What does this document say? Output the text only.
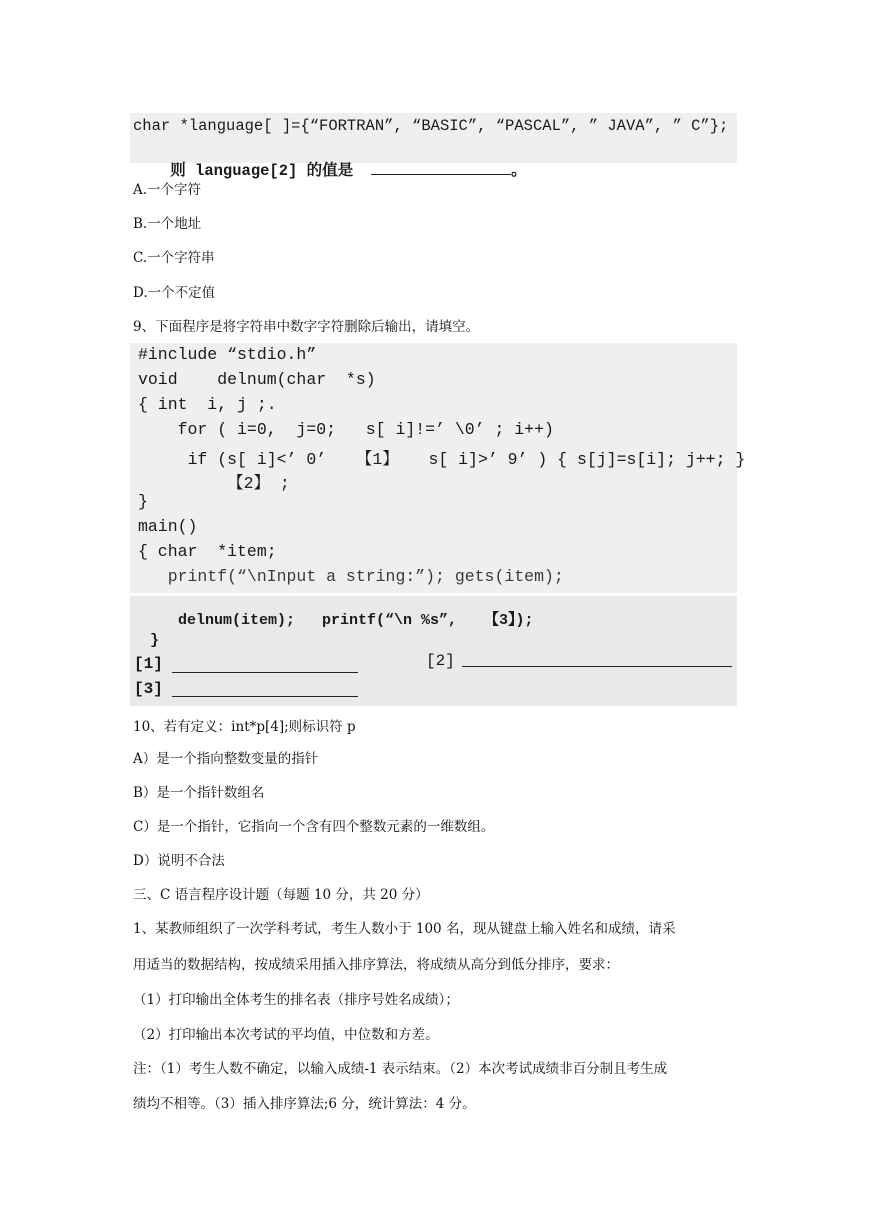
char *language[ ]={“FORTRAN”, “BASIC”, “PASCAL”, ” JAVA”, ” C”};

则 language[2] 的值是	。

A.一个字符
B.一个地址
C.一个字符串
D.一个不定值
9、下面程序是将字符串中数字字符删除后输出，请填空。
#include “stdio.h”
void    delnum(char  *s)
{ int  i, j ;.
for ( i=0,  j=0;   s[ i]!=’ \0’ ; i++)
if (s[ i]<’ 0’   【1】   s[ i]>’ 9’ ) { s[j]=s[i]; j++; }
【2】 ;
}
main()
{ char  *item;
printf(“\nInput a string:”); gets(item);
delnum(item);   printf(“\n %s”,   【3】);
}
[1]	[2]
[3]
10、若有定义：int*p[4];则标识符 p
A）是一个指向整数变量的指针
B）是一个指针数组名
C）是一个指针，它指向一个含有四个整数元素的一维数组。
D）说明不合法
三、C 语言程序设计题（每题 10 分，共 20 分）
1、某教师组织了一次学科考试，考生人数小于 100 名，现从键盘上输入姓名和成绩，请采
用适当的数据结构，按成绩采用插入排序算法，将成绩从高分到低分排序，要求：
（1）打印输出全体考生的排名表（排序号姓名成绩）；
（2）打印输出本次考试的平均值，中位数和方差。
注：（1）考生人数不确定，以输入成绩-1 表示结束。（2）本次考试成绩非百分制且考生成
绩均不相等。（3）插入排序算法;6 分，统计算法：4 分。
